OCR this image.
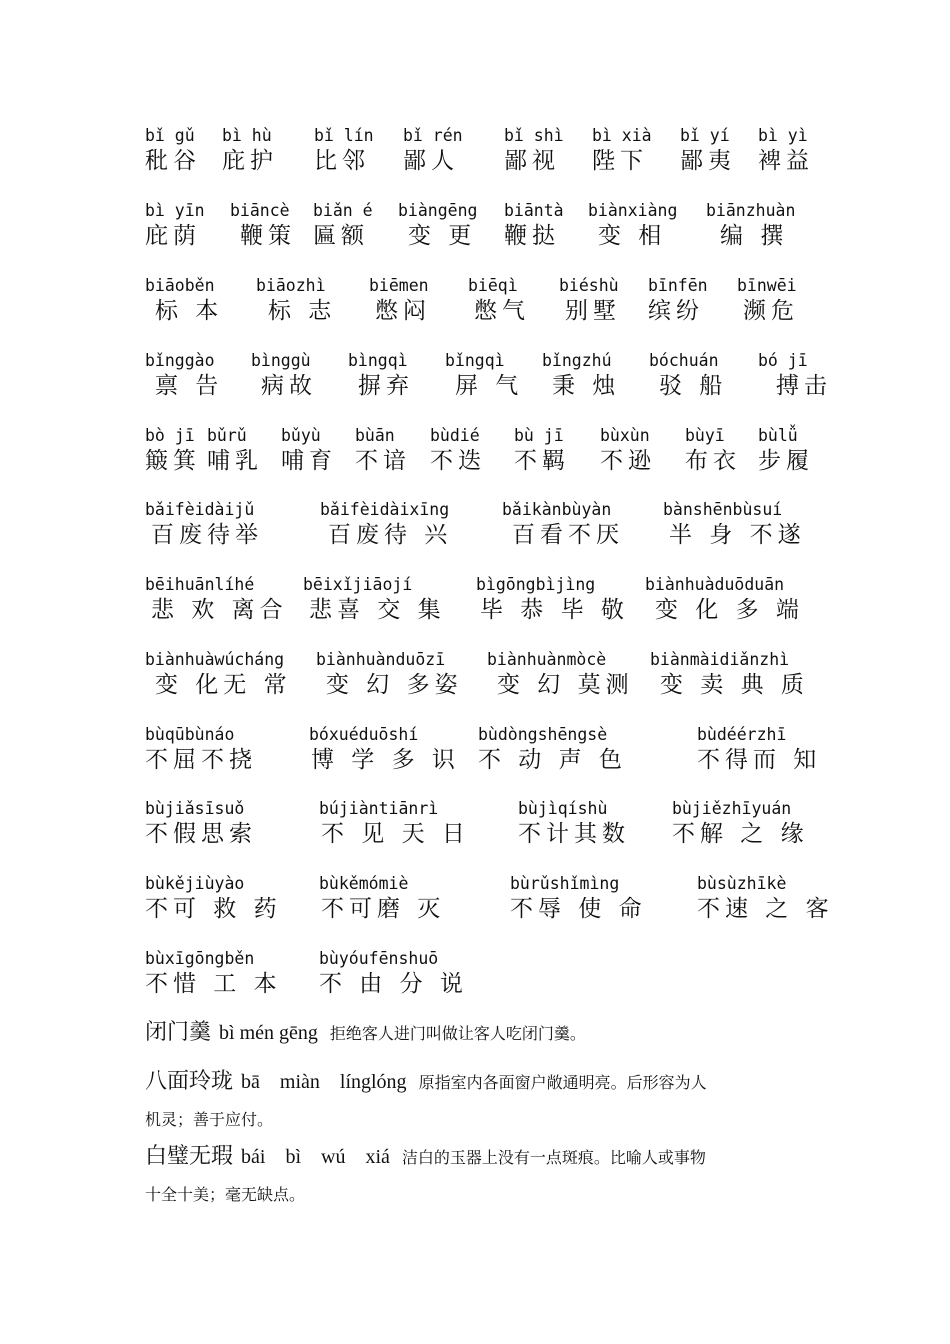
bǐ gǔ
秕谷
bì hù
庇护
bǐ lín
比邻
bǐ rén
鄙人
bǐ shì
鄙视
bì xià
陛下
bǐ yí
鄙夷
bì yì
裨益
bì yīn
庇荫
biāncè
鞭策
biǎn é
匾额
biàngēng
变 更
biāntà
鞭挞
biànxiàng
变 相
biānzhuàn
编 撰
biāoběn
标 本
biāozhì
标 志
biēmen
憋闷
biēqì
憋气
biéshù
别墅
bīnfēn
缤纷
bīnwēi
濒危
bǐnggào
禀 告
bìnggù
病故
bìngqì
摒弃
bǐngqì
屏 气
bǐngzhú
秉 烛
bóchuán
驳 船
bó jī
搏击
bò jī
簸箕
bǔrǔ
哺乳
bǔyù
哺育
bùān
不谙
bùdié
不迭
bù jī
不羁
bùxùn
不逊
bùyī
布衣
bùlǚ
步履
bǎifèidàijǔ
百废待举
bǎifèidàixīng
百废待 兴
bǎikànbùyàn
百看不厌
bànshēnbùsuí
半 身 不遂
bēihuānlíhé
悲 欢 离合
bēixǐjiāojí
悲喜 交 集
bìgōngbìjìng
毕 恭 毕 敬
biànhuàduōduān
变 化 多 端
biànhuàwúcháng
变 化无 常
biànhuànduōzī
变 幻 多姿
biànhuànmòcè
变 幻 莫测
biànmàidiǎnzhì
变 卖 典 质
bùqūbùnáo
不屈不挠
bóxuéduōshí
博 学 多 识
bùdòngshēngsè
不 动 声 色
bùdéérzhī
不得而 知
bùjiǎsīsuǒ
不假思索
bújiàntiānrì
不 见 天 日
bùjìqíshù
不计其数
bùjiězhīyuán
不解 之 缘
bùkějiùyào
不可 救 药
bùkěmómiè
不可磨 灭
bùrǔshǐmìng
不辱 使 命
bùsùzhīkè
不速 之 客
bùxīgōngběn
不惜 工 本
bùyóufēnshuō
不 由 分 说
闭门羹 bì mén gēng 拒绝客人进门叫做让客人吃闭门羹。
八面玲珑 bā    miàn    línglóng 原指室内各面窗户敞通明亮。后形容为人
机灵；善于应付。
白璧无瑕 bái    bì    wú    xiá 洁白的玉器上没有一点斑痕。比喻人或事物
十全十美；毫无缺点。
